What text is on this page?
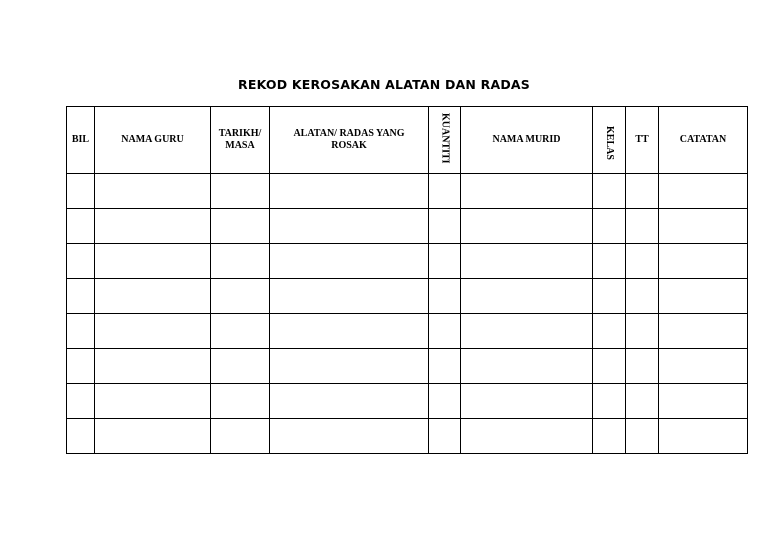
REKOD KEROSAKAN ALATAN DAN RADAS
BIL	NAMA GURU	TARIKH/ MASA	ALATAN/ RADAS YANG ROSAK	KUANTITI	NAMA MURID	KELAS	TT	CATATAN
